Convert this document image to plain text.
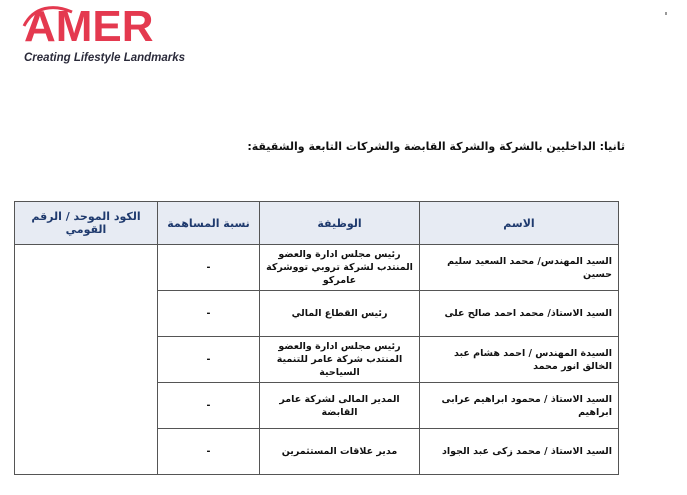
AMER
Creating Lifestyle Landmarks
ثانيا: الداخليين بالشركة والشركة القابضة والشركات التابعة والشقيقة:
الاسم	الوظيفة	نسبة المساهمة	الكود الموحد / الرقم القومي
السيد المهندس/ محمد السعيد سليم حسين	رئيس مجلس ادارة والعضو المنتدب لشركة تروبي تووشركة عامركو	-	
السيد الاستاذ/ محمد احمد صالح على	رئيس القطاع المالي	-	
السيدة المهندس / احمد هشام عبد الخالق انور محمد	رئيس مجلس ادارة والعضو المنتدب شركة عامر للتنمية السياحية	-	
السيد الاستاذ / محمود ابراهيم عرابى ابراهيم	المدير المالى لشركة عامر القابضة	-	
السيد الاستاذ / محمد زكى عبد الجواد	مدير علاقات المستثمرين	-	
